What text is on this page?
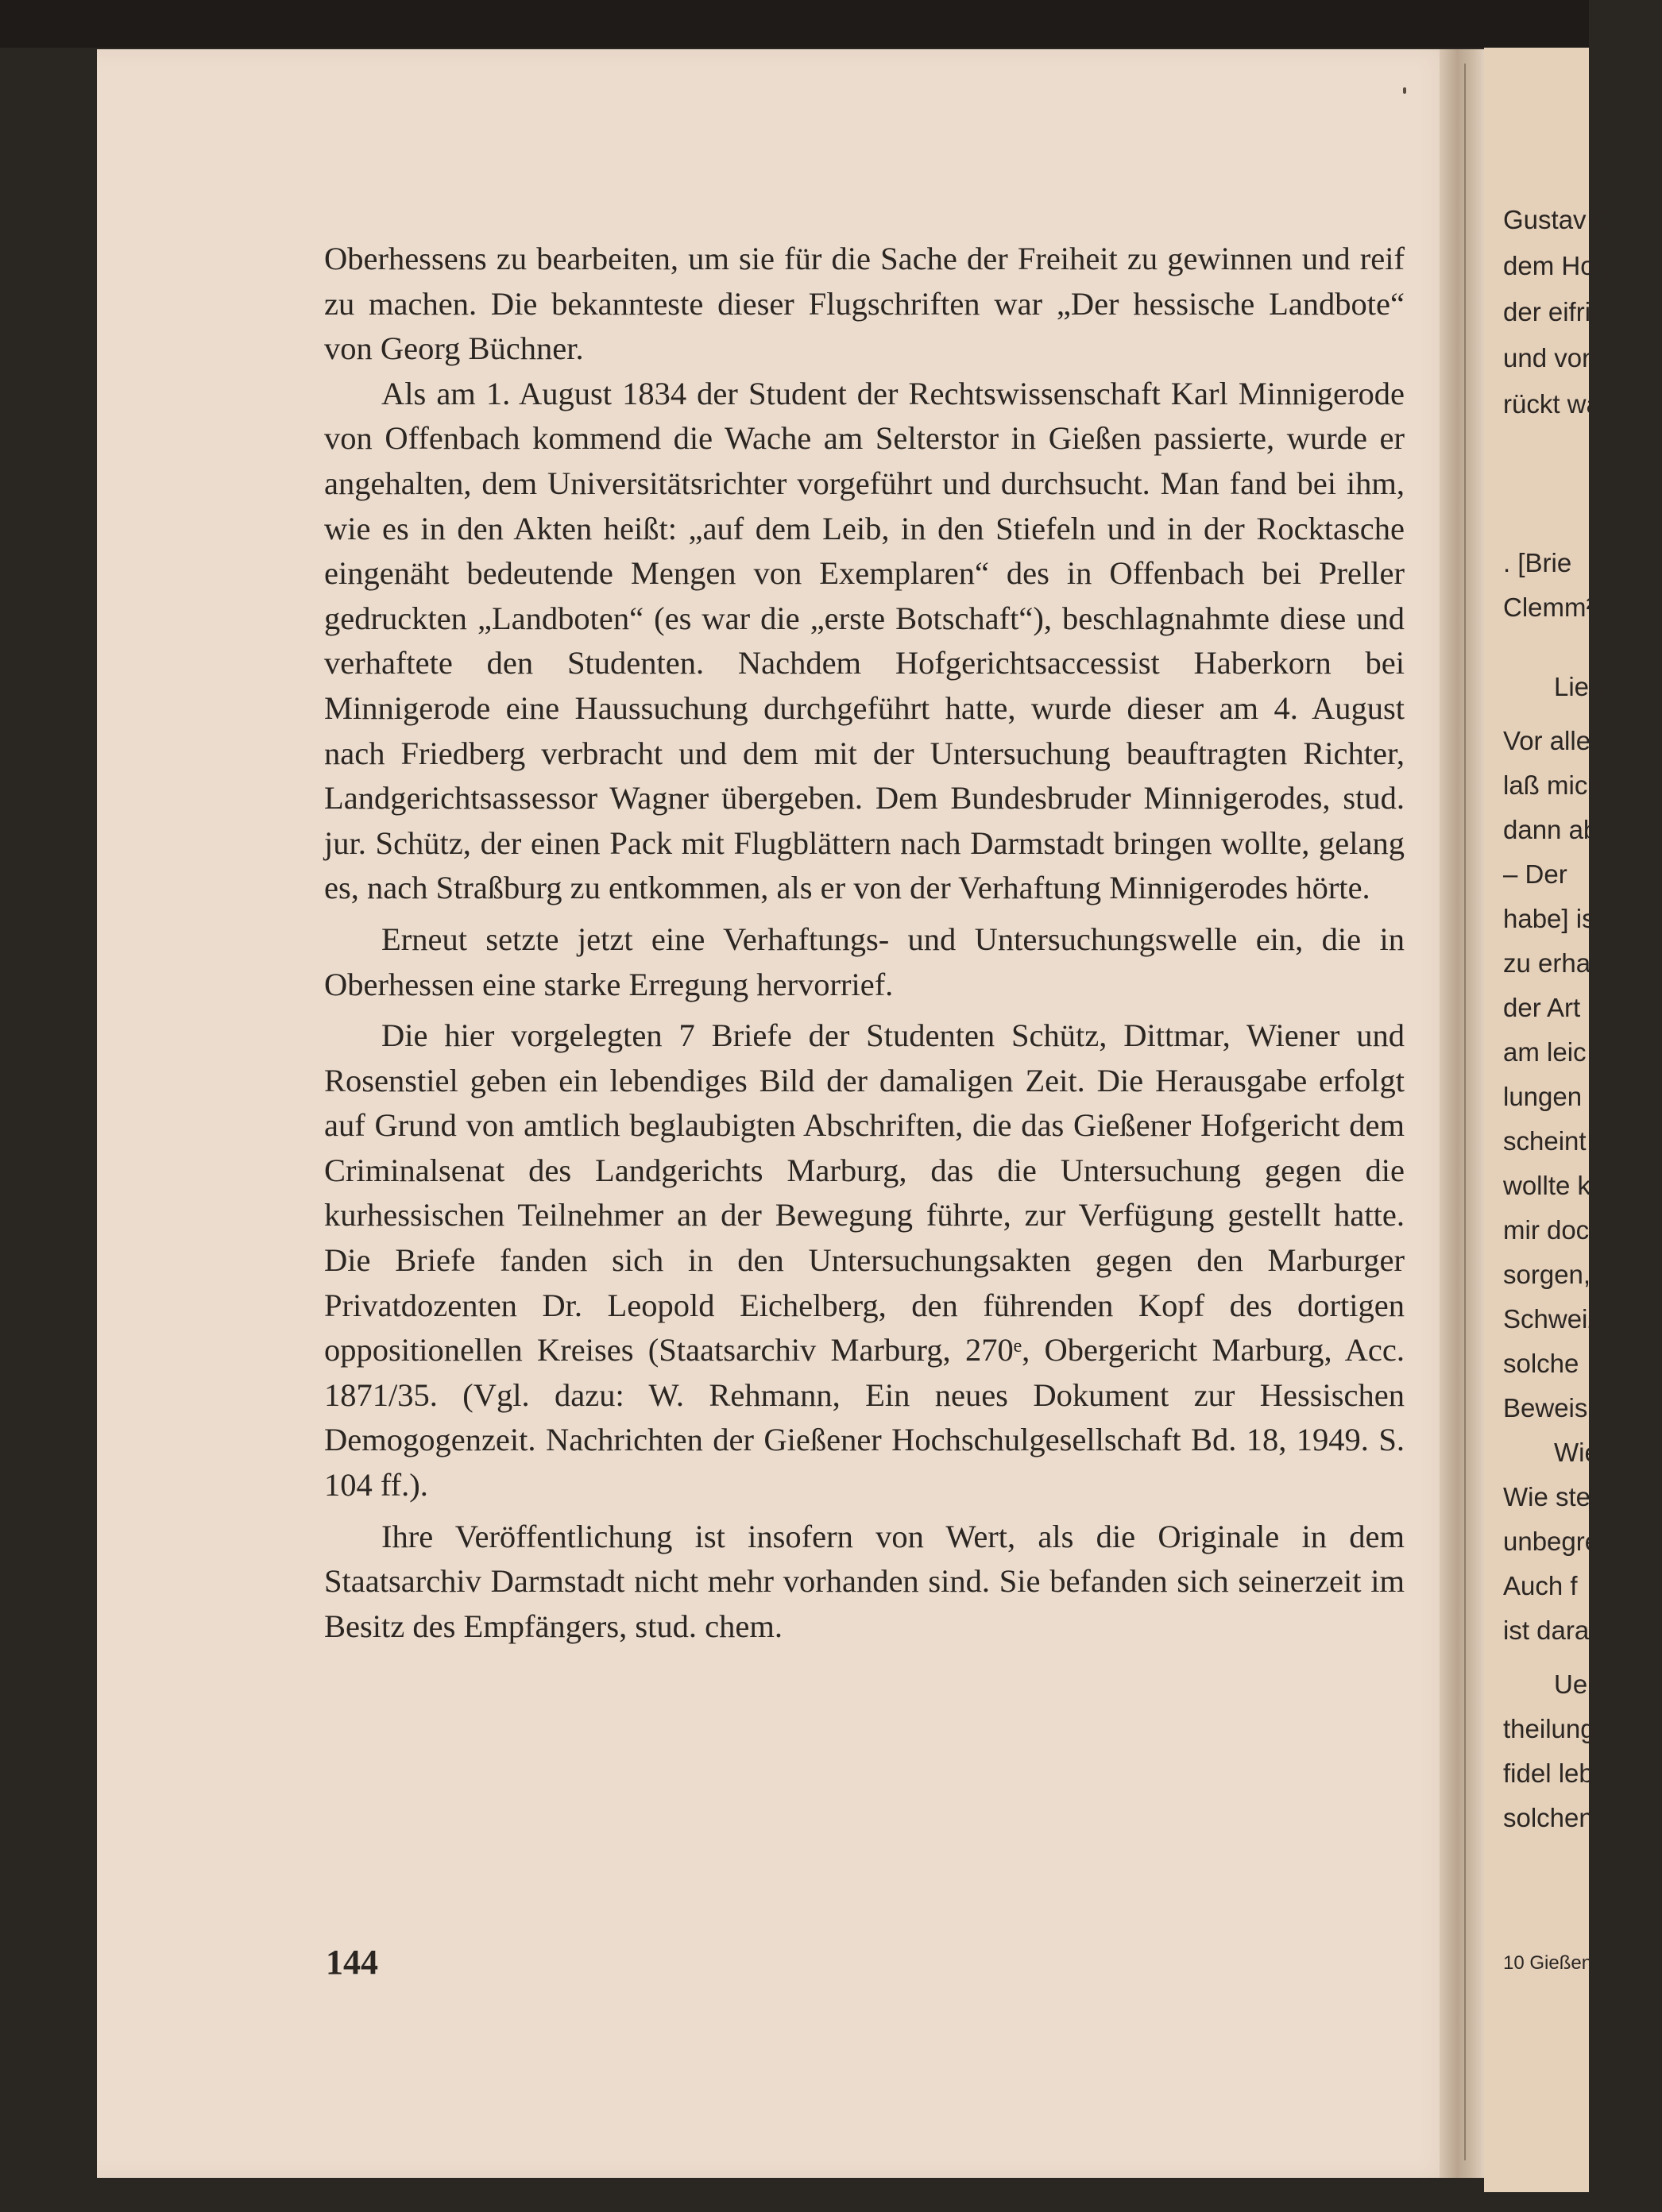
Oberhessens zu bearbeiten, um sie für die Sache der Freiheit zu gewinnen und reif zu machen. Die bekannteste dieser Flugschriften war „Der hessische Landbote“ von Georg Büchner.

Als am 1. August 1834 der Student der Rechtswissenschaft Karl Minnigerode von Offenbach kommend die Wache am Selterstor in Gießen passierte, wurde er angehalten, dem Universitätsrichter vorgeführt und durchsucht. Man fand bei ihm, wie es in den Akten heißt: „auf dem Leib, in den Stiefeln und in der Rocktasche eingenäht bedeutende Mengen von Exemplaren“ des in Offenbach bei Preller gedruckten „Landboten“ (es war die „erste Botschaft“), beschlagnahmte diese und verhaftete den Studenten. Nachdem Hofgerichtsaccessist Haberkorn bei Minnigerode eine Haussuchung durchgeführt hatte, wurde dieser am 4. August nach Friedberg verbracht und dem mit der Untersuchung beauftragten Richter, Landgerichtsassessor Wagner übergeben. Dem Bundesbruder Minnigerodes, stud. jur. Schütz, der einen Pack mit Flugblättern nach Darmstadt bringen wollte, gelang es, nach Straßburg zu entkommen, als er von der Verhaftung Minnigerodes hörte.

Erneut setzte jetzt eine Verhaftungs- und Untersuchungswelle ein, die in Oberhessen eine starke Erregung hervorrief.

Die hier vorgelegten 7 Briefe der Studenten Schütz, Dittmar, Wiener und Rosenstiel geben ein lebendiges Bild der damaligen Zeit. Die Herausgabe erfolgt auf Grund von amtlich beglaubigten Abschriften, die das Gießener Hofgericht dem Criminalsenat des Landgerichts Marburg, das die Untersuchung gegen die kurhessischen Teilnehmer an der Bewegung führte, zur Verfügung gestellt hatte. Die Briefe fanden sich in den Untersuchungsakten gegen den Marburger Privatdozenten Dr. Leopold Eichelberg, den führenden Kopf des dortigen oppositionellen Kreises (Staatsarchiv Marburg, 270ᵉ, Obergericht Marburg, Acc. 1871/35. (Vgl. dazu: W. Rehmann, Ein neues Dokument zur Hessischen Demogogenzeit. Nachrichten der Gießener Hochschulgesellschaft Bd. 18, 1949. S. 104 ff.).

Ihre Veröffentlichung ist insofern von Wert, als die Originale in dem Staatsarchiv Darmstadt nicht mehr vorhanden sind. Sie befanden sich seinerzeit im Besitz des Empfängers, stud. chem.

144
Gustav C
dem Hofg
der eifrig
und von
rückt wa
. [Brie
Clemm²
Lieb
Vor alle
laß mich
dann ab
– Der
habe] is
zu erha
der Art
am leic
lungen
scheint
wollte k
mir doc
sorgen,
Schweiz
solche
Beweis
Wie
Wie ste
unbegre
Auch f
ist dara
Ueb
theilung
fidel leb
solchen
10 Gießen
